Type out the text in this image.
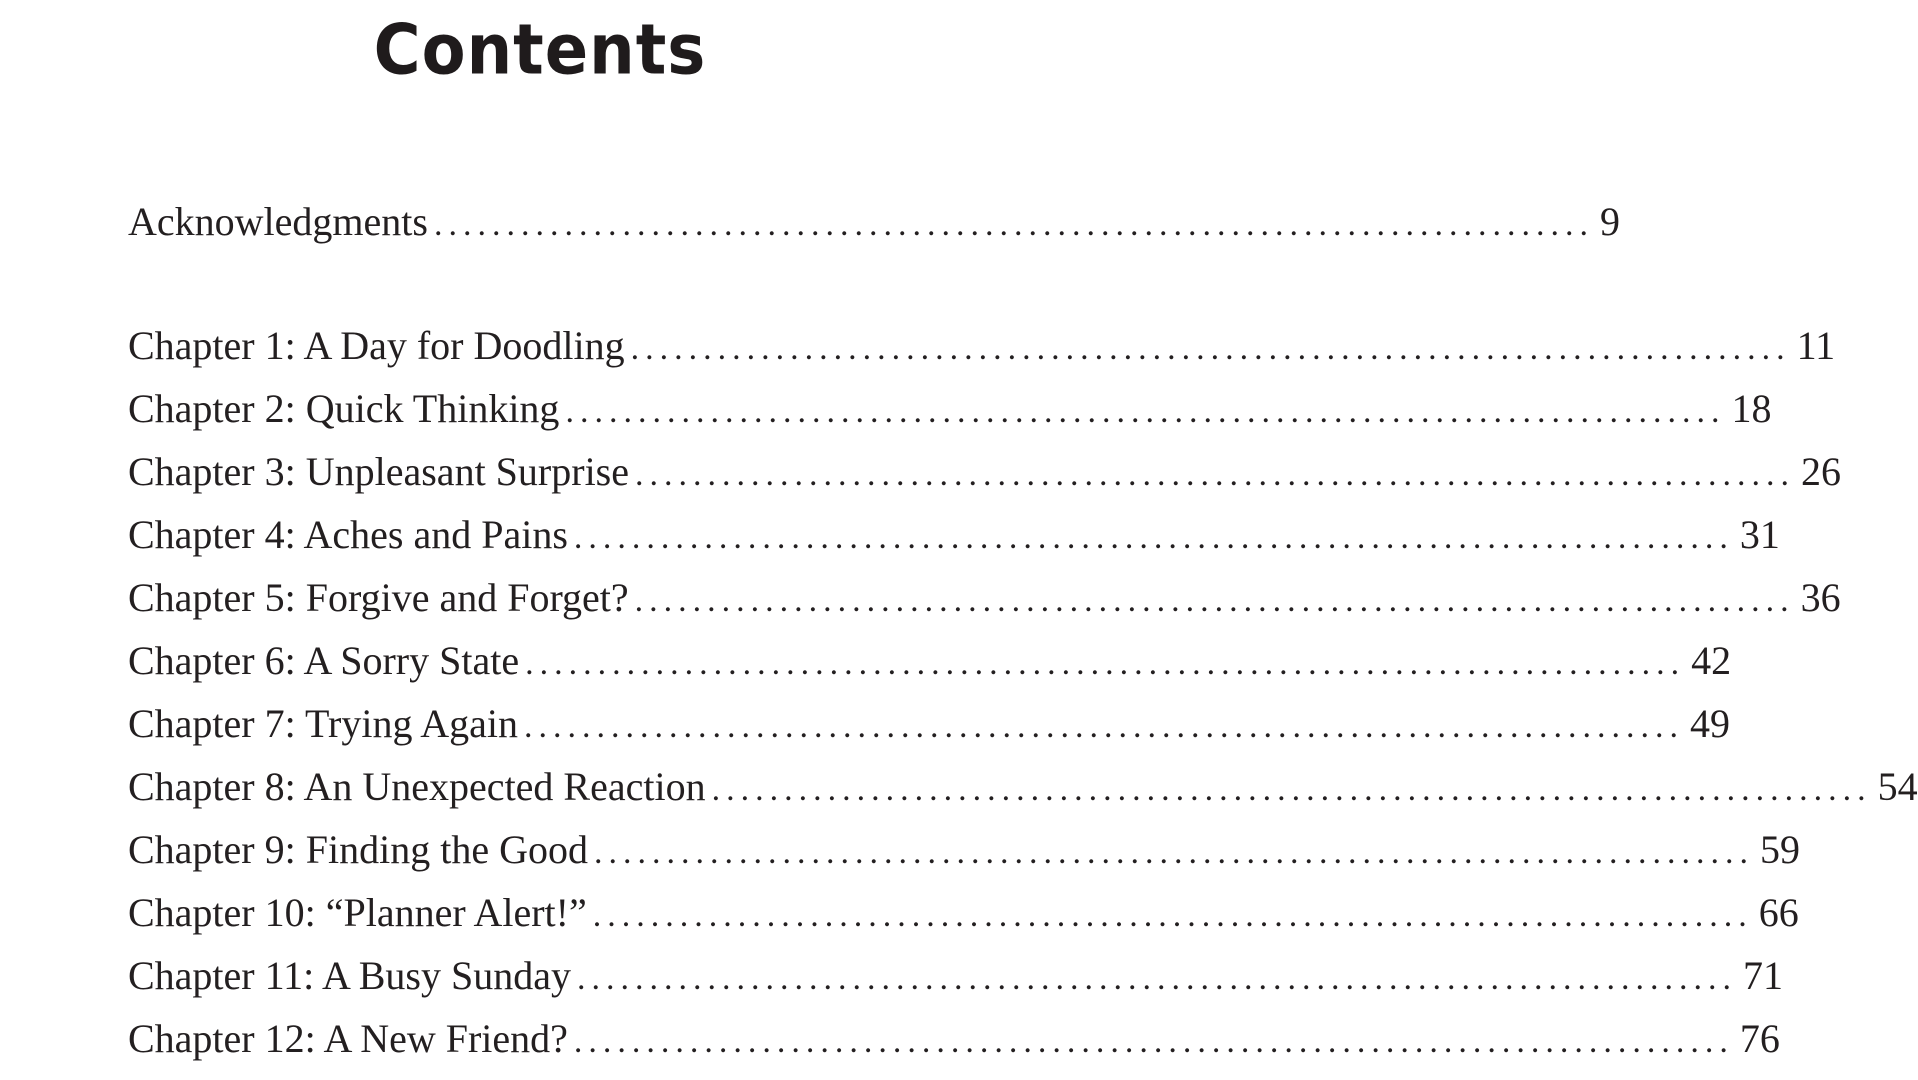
Contents
Acknowledgments ................................................................................ 9
Chapter 1: A Day for Doodling ................................................................................ 11
Chapter 2: Quick Thinking ................................................................................ 18
Chapter 3: Unpleasant Surprise ................................................................................ 26
Chapter 4: Aches and Pains ................................................................................ 31
Chapter 5: Forgive and Forget? ................................................................................ 36
Chapter 6: A Sorry State ................................................................................ 42
Chapter 7: Trying Again ................................................................................ 49
Chapter 8: An Unexpected Reaction ................................................................................ 54
Chapter 9: Finding the Good ................................................................................ 59
Chapter 10: “Planner Alert!” ................................................................................ 66
Chapter 11: A Busy Sunday ................................................................................ 71
Chapter 12: A New Friend? ................................................................................ 76
